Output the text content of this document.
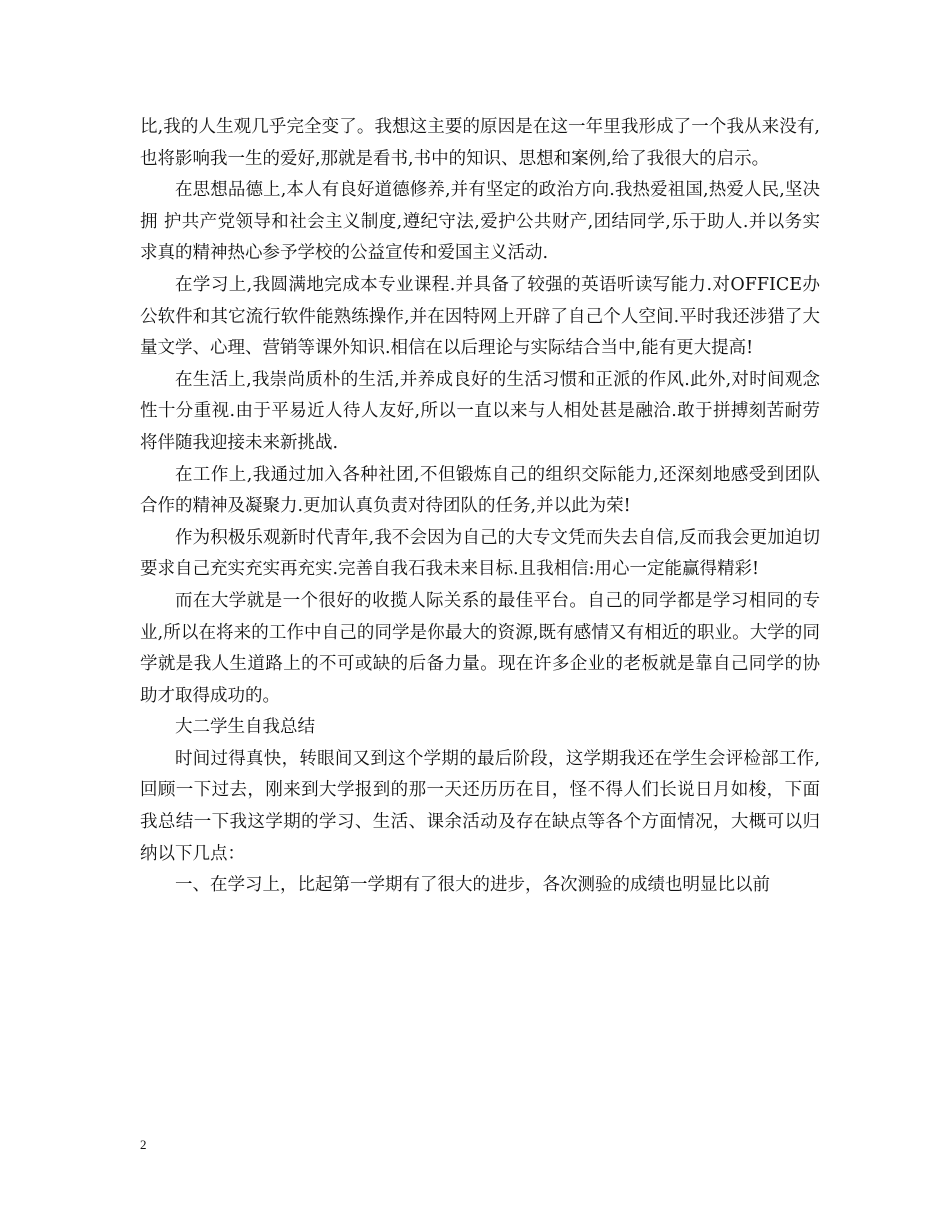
比,我的人生观几乎完全变了。我想这主要的原因是在这一年里我形成了一个我从来没有,也将影响我一生的爱好,那就是看书,书中的知识、思想和案例,给了我很大的启示。

在思想品德上,本人有良好道德修养,并有坚定的政治方向.我热爱祖国,热爱人民,坚决拥 护共产党领导和社会主义制度,遵纪守法,爱护公共财产,团结同学,乐于助人.并以务实求真的精神热心参予学校的公益宣传和爱国主义活动.

在学习上,我圆满地完成本专业课程.并具备了较强的英语听读写能力.对OFFICE办公软件和其它流行软件能熟练操作,并在因特网上开辟了自己个人空间.平时我还涉猎了大量文学、心理、营销等课外知识.相信在以后理论与实际结合当中,能有更大提高!

在生活上,我崇尚质朴的生活,并养成良好的生活习惯和正派的作风.此外,对时间观念性十分重视.由于平易近人待人友好,所以一直以来与人相处甚是融洽.敢于拼搏刻苦耐劳将伴随我迎接未来新挑战.

在工作上,我通过加入各种社团,不但锻炼自己的组织交际能力,还深刻地感受到团队合作的精神及凝聚力.更加认真负责对待团队的任务,并以此为荣!

作为积极乐观新时代青年,我不会因为自己的大专文凭而失去自信,反而我会更加迫切要求自己充实充实再充实.完善自我石我未来目标.且我相信:用心一定能赢得精彩!

而在大学就是一个很好的收揽人际关系的最佳平台。自己的同学都是学习相同的专业,所以在将来的工作中自己的同学是你最大的资源,既有感情又有相近的职业。大学的同学就是我人生道路上的不可或缺的后备力量。现在许多企业的老板就是靠自己同学的协助才取得成功的。

大二学生自我总结

时间过得真快，转眼间又到这个学期的最后阶段，这学期我还在学生会评检部工作,回顾一下过去，刚来到大学报到的那一天还历历在目，怪不得人们长说日月如梭，下面我总结一下我这学期的学习、生活、课余活动及存在缺点等各个方面情况，大概可以归纳以下几点：

一、在学习上，比起第一学期有了很大的进步，各次测验的成绩也明显比以前

2
